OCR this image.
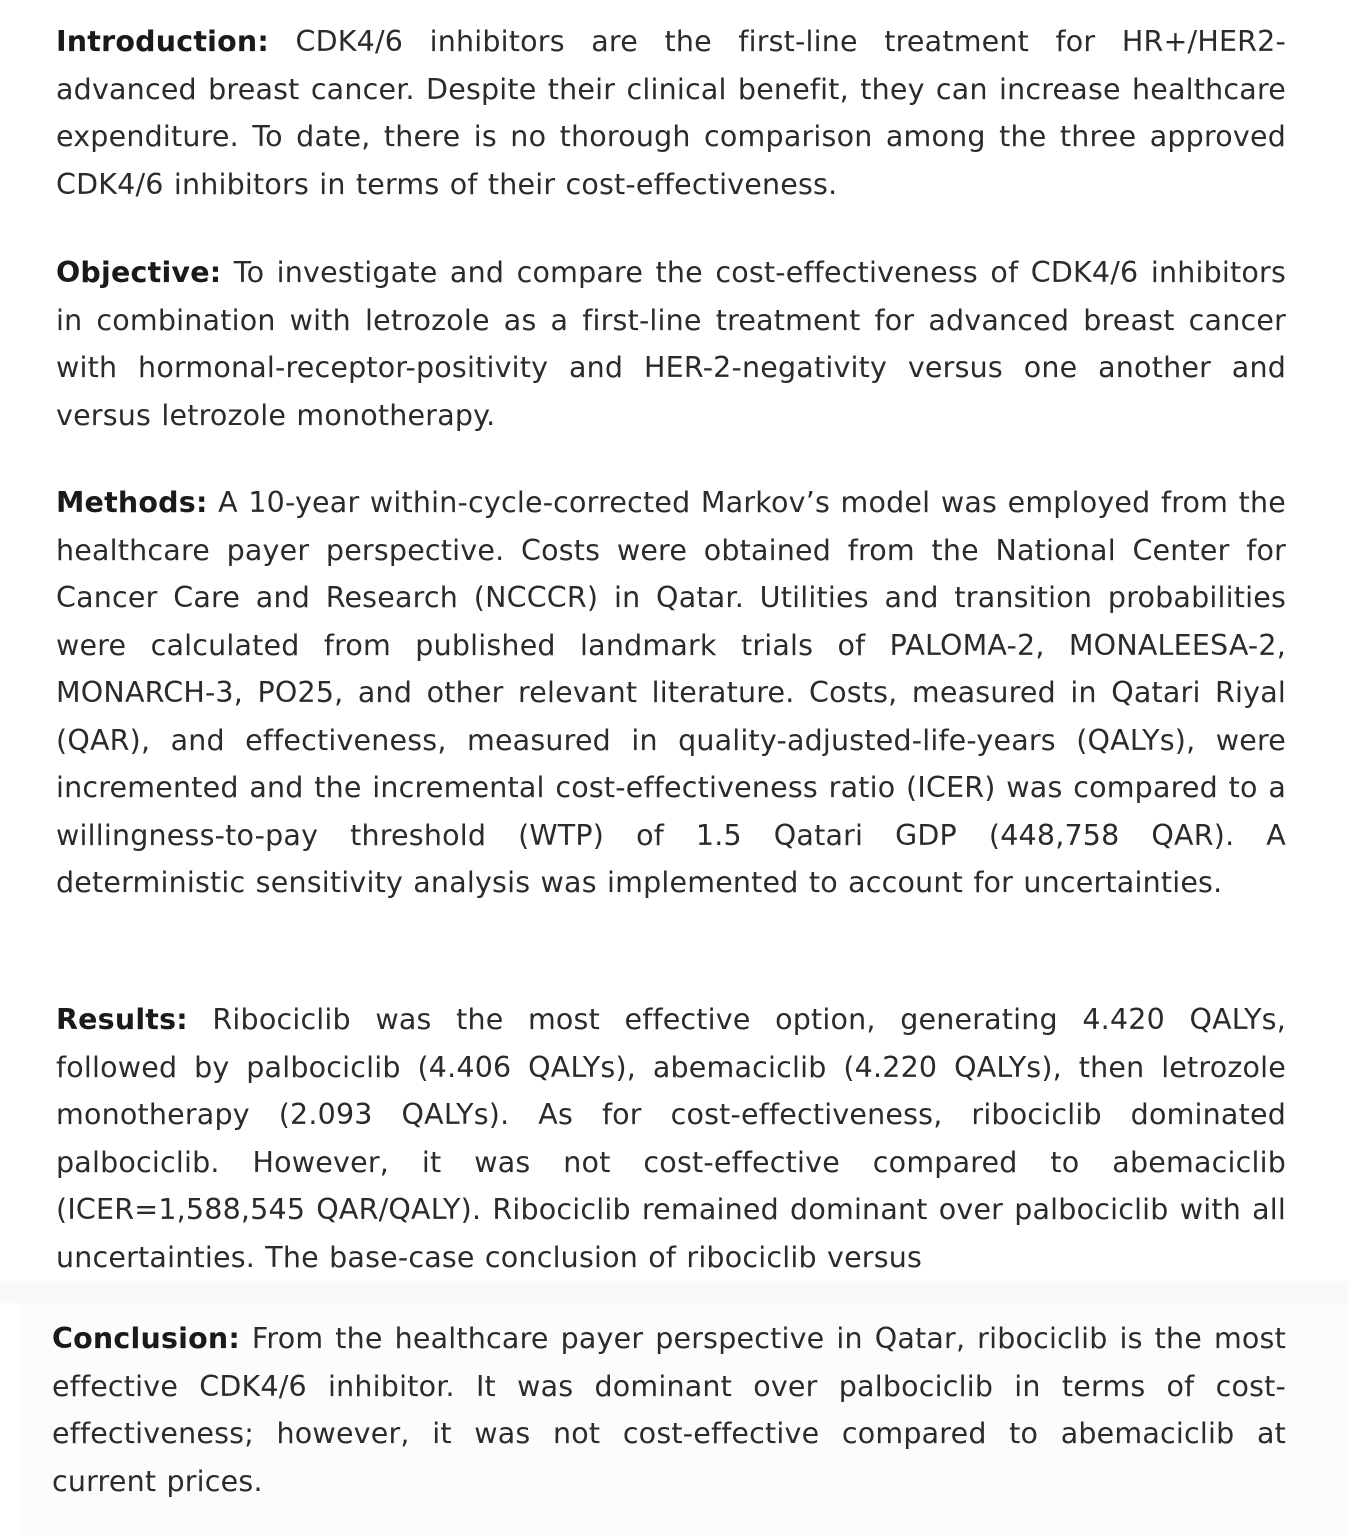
Introduction: CDK4/6 inhibitors are the first-line treatment for HR+/HER2- advanced breast cancer. Despite their clinical benefit, they can increase healthcare expenditure. To date, there is no thorough comparison among the three approved CDK4/6 inhibitors in terms of their cost-effectiveness.

Objective: To investigate and compare the cost-effectiveness of CDK4/6 inhibitors in combination with letrozole as a first-line treatment for advanced breast cancer with hormonal-receptor-positivity and HER-2-negativity versus one another and versus letrozole monotherapy.

Methods: A 10-year within-cycle-corrected Markov’s model was employed from the healthcare payer perspective. Costs were obtained from the National Center for Cancer Care and Research (NCCCR) in Qatar. Utilities and transition probabilities were calculated from published landmark trials of PALOMA-2, MONALEESA-2, MONARCH-3, PO25, and other relevant literature. Costs, measured in Qatari Riyal (QAR), and effectiveness, measured in quality-adjusted-life-years (QALYs), were incremented and the incremental cost-effectiveness ratio (ICER) was compared to a willingness-to-pay threshold (WTP) of 1.5 Qatari GDP (448,758 QAR). A deterministic sensitivity analysis was implemented to account for uncertainties.

Results: Ribociclib was the most effective option, generating 4.420 QALYs, followed by palbociclib (4.406 QALYs), abemaciclib (4.220 QALYs), then letrozole monotherapy (2.093 QALYs). As for cost-effectiveness, ribociclib dominated palbociclib. However, it was not cost-effective compared to abemaciclib (ICER=1,588,545 QAR/QALY). Ribociclib remained dominant over palbociclib with all uncertainties. The base-case conclusion of ribociclib versus

Conclusion: From the healthcare payer perspective in Qatar, ribociclib is the most effective CDK4/6 inhibitor. It was dominant over palbociclib in terms of cost-effectiveness; however, it was not cost-effective compared to abemaciclib at current prices.
